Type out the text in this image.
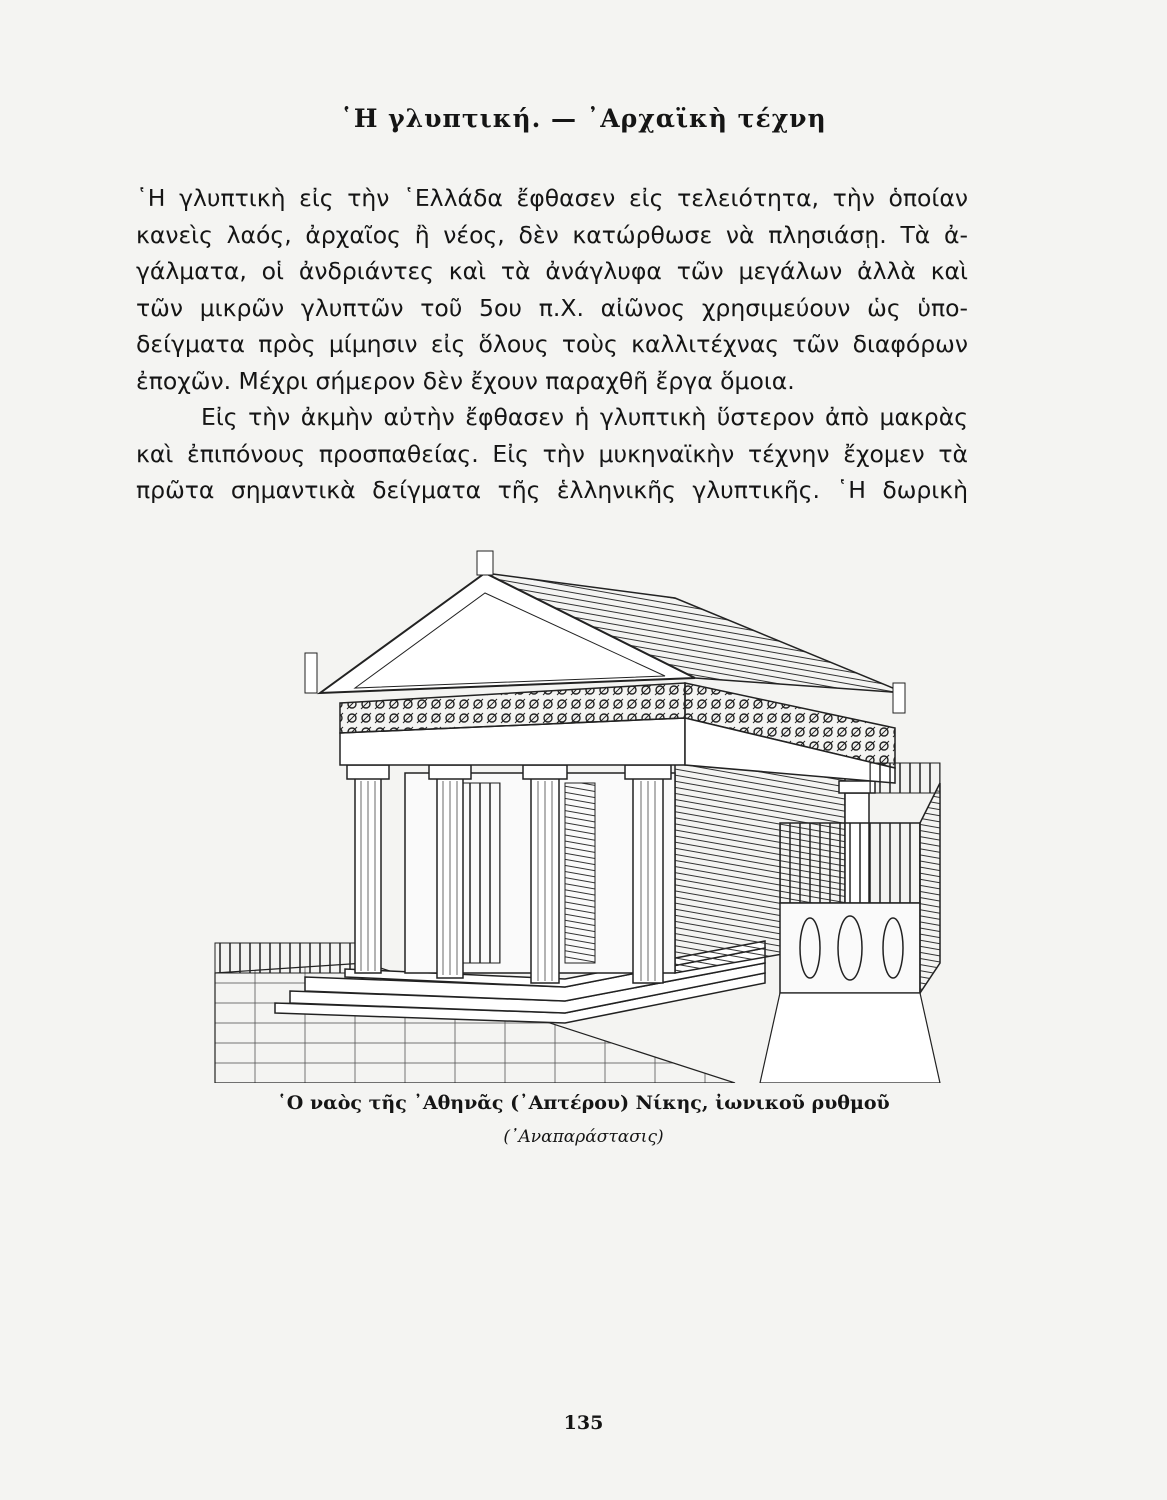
῾Η γλυπτική. — ᾿Αρχαϊκὴ τέχνη
῾Η γλυπτικὴ εἰς τὴν ῾Ελλάδα ἔφθασεν εἰς τελειότητα, τὴν ὁποίαν
κανεὶς λαός, ἀρχαῖος ἢ νέος, δὲν κατώρθωσε νὰ πλησιάσῃ. Τὰ ἀ-
γάλματα, οἱ ἀνδριάντες καὶ τὰ ἀνάγλυφα τῶν μεγάλων ἀλλὰ καὶ
τῶν μικρῶν γλυπτῶν τοῦ 5ου π.Χ. αἰῶνος χρησιμεύουν ὡς ὑπο-
δείγματα πρὸς μίμησιν εἰς ὅλους τοὺς καλλιτέχνας τῶν διαφόρων
ἐποχῶν. Μέχρι σήμερον δὲν ἔχουν παραχθῆ ἔργα ὅμοια.
Εἰς τὴν ἀκμὴν αὐτὴν ἔφθασεν ἡ γλυπτικὴ ὕστερον ἀπὸ μακρὰς
καὶ ἐπιπόνους προσπαθείας. Εἰς τὴν μυκηναϊκὴν τέχνην ἔχομεν τὰ
πρῶτα σημαντικὰ δείγματα τῆς ἑλληνικῆς γλυπτικῆς. ῾Η δωρικὴ
῾Ο ναὸς τῆς ᾿Αθηνᾶς (᾿Απτέρου) Νίκης, ἰωνικοῦ ρυθμοῦ
(᾿Αναπαράστασις)
135
